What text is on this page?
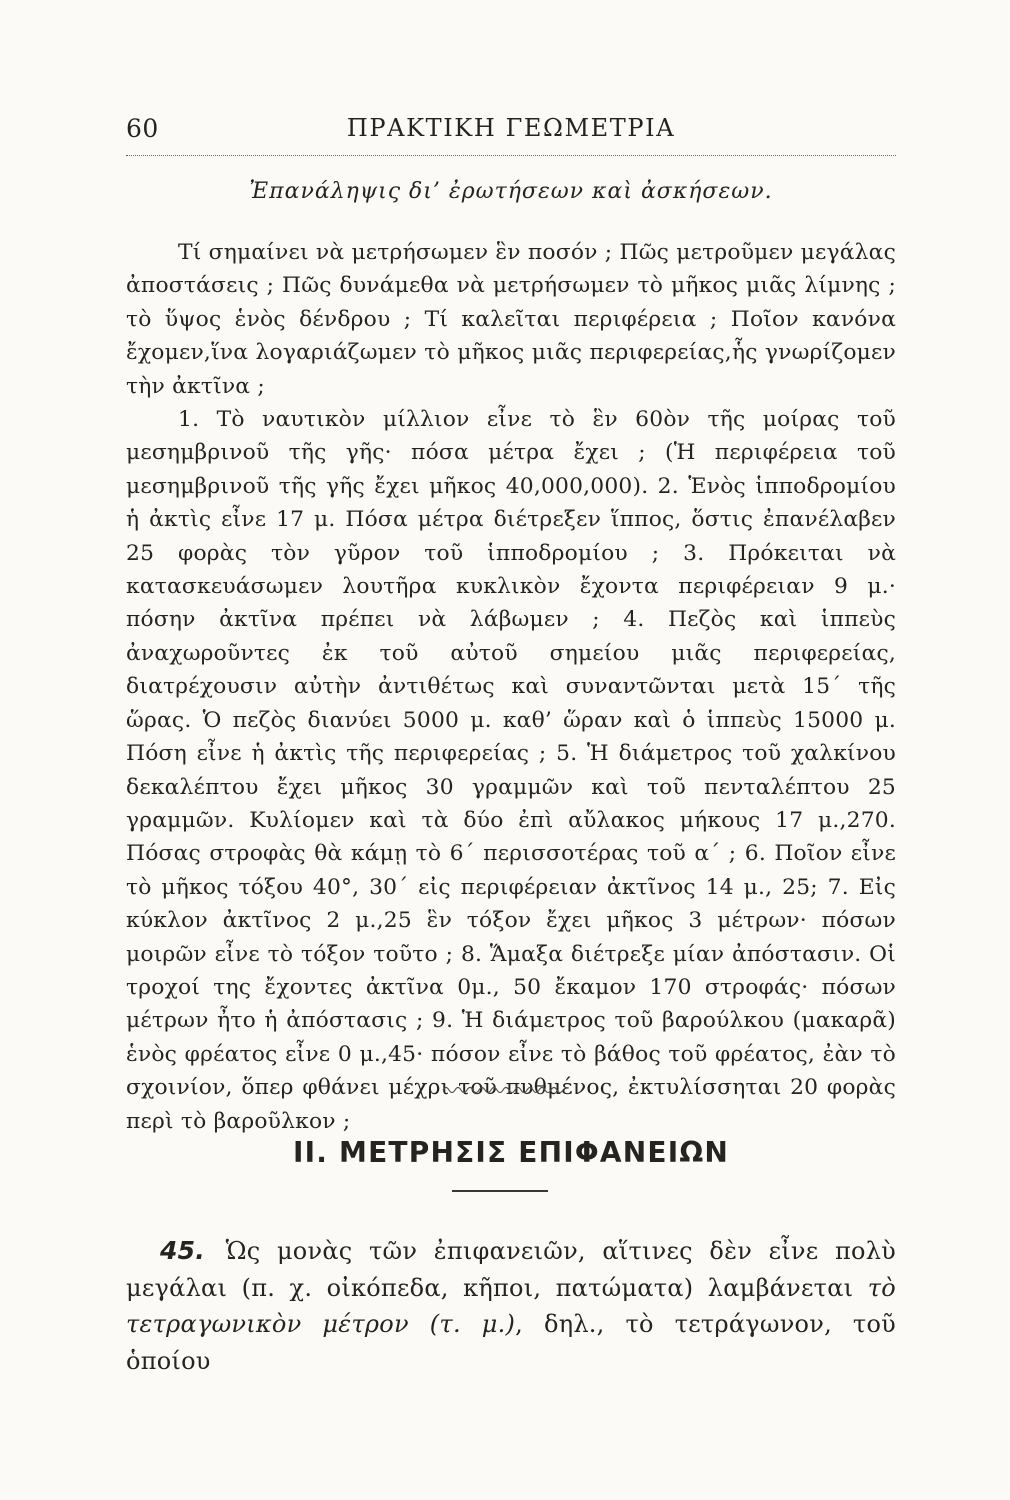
60	ΠΡΑΚΤΙΚΗ ΓΕΩΜΕΤΡΙΑ
Ἐπανάληψις δι’ ἐρωτήσεων καὶ ἀσκήσεων.

Τί σημαίνει νὰ μετρήσωμεν ἓν ποσόν ; Πῶς μετροῦμεν μεγάλας ἀποστάσεις ; Πῶς δυνάμεθα νὰ μετρήσωμεν τὸ μῆκος μιᾶς λίμνης ; τὸ ὕψος ἑνὸς δένδρου ; Τί καλεῖται περιφέρεια ; Ποῖον κανόνα ἔχομεν,ἵνα λογαριάζωμεν τὸ μῆκος μιᾶς περιφερείας,ἧς γνωρίζομεν τὴν ἀκτῖνα ;

1. Τὸ ναυτικὸν μίλλιον εἶνε τὸ ἓν 60ὸν τῆς μοίρας τοῦ μεσημβρινοῦ τῆς γῆς· πόσα μέτρα ἔχει ; (Ἡ περιφέρεια τοῦ μεσημβρινοῦ τῆς γῆς ἔχει μῆκος 40,000,000). 2. Ἑνὸς ἱπποδρομίου ἡ ἀκτὶς εἶνε 17 μ. Πόσα μέτρα διέτρεξεν ἵππος, ὅστις ἐπανέλαβεν 25 φορὰς τὸν γῦρον τοῦ ἱπποδρομίου ; 3. Πρόκειται νὰ κατασκευάσωμεν λουτῆρα κυκλικὸν ἔχοντα περιφέρειαν 9 μ.· πόσην ἀκτῖνα πρέπει νὰ λάβωμεν ; 4. Πεζὸς καὶ ἱππεὺς ἀναχωροῦντες ἐκ τοῦ αὐτοῦ σημείου μιᾶς περιφερείας, διατρέχουσιν αὐτὴν ἀντιθέτως καὶ συναντῶνται μετὰ 15΄ τῆς ὥρας. Ὁ πεζὸς διανύει 5000 μ. καθ’ ὥραν καὶ ὁ ἱππεὺς 15000 μ. Πόση εἶνε ἡ ἀκτὶς τῆς περιφερείας ; 5. Ἡ διάμετρος τοῦ χαλκίνου δεκαλέπτου ἔχει μῆκος 30 γραμμῶν καὶ τοῦ πενταλέπτου 25 γραμμῶν. Κυλίομεν καὶ τὰ δύο ἐπὶ αὔλακος μήκους 17 μ.,270. Πόσας στροφὰς θὰ κάμῃ τὸ 6΄ περισσοτέρας τοῦ α΄ ; 6. Ποῖον εἶνε τὸ μῆκος τόξου 40°, 30΄ εἰς περιφέρειαν ἀκτῖνος 14 μ., 25; 7. Εἰς κύκλον ἀκτῖνος 2 μ.,25 ἓν τόξον ἔχει μῆκος 3 μέτρων· πόσων μοιρῶν εἶνε τὸ τόξον τοῦτο ; 8. Ἅμαξα διέτρεξε μίαν ἀπόστασιν. Οἱ τροχοί της ἔχοντες ἀκτῖνα 0μ., 50 ἔκαμον 170 στροφάς· πόσων μέτρων ἦτο ἡ ἀπόστασις ; 9. Ἡ διάμετρος τοῦ βαρούλκου (μακαρᾶ) ἑνὸς φρέατος εἶνε 0 μ.,45· πόσον εἶνε τὸ βάθος τοῦ φρέατος, ἐὰν τὸ σχοινίον, ὅπερ φθάνει μέχρι τοῦ πυθμένος, ἐκτυλίσσηται 20 φορὰς περὶ τὸ βαροῦλκον ;

ΙΙ. ΜΕΤΡΗΣΙΣ ΕΠΙΦΑΝΕΙΩΝ

45. Ὡς μονὰς τῶν ἐπιφανειῶν, αἵτινες δὲν εἶνε πολὺ μεγάλαι (π. χ. οἰκόπεδα, κῆποι, πατώματα) λαμβάνεται τὸ τετραγωνικὸν μέτρον (τ. μ.), δηλ., τὸ τετράγωνον, τοῦ ὁποίου
